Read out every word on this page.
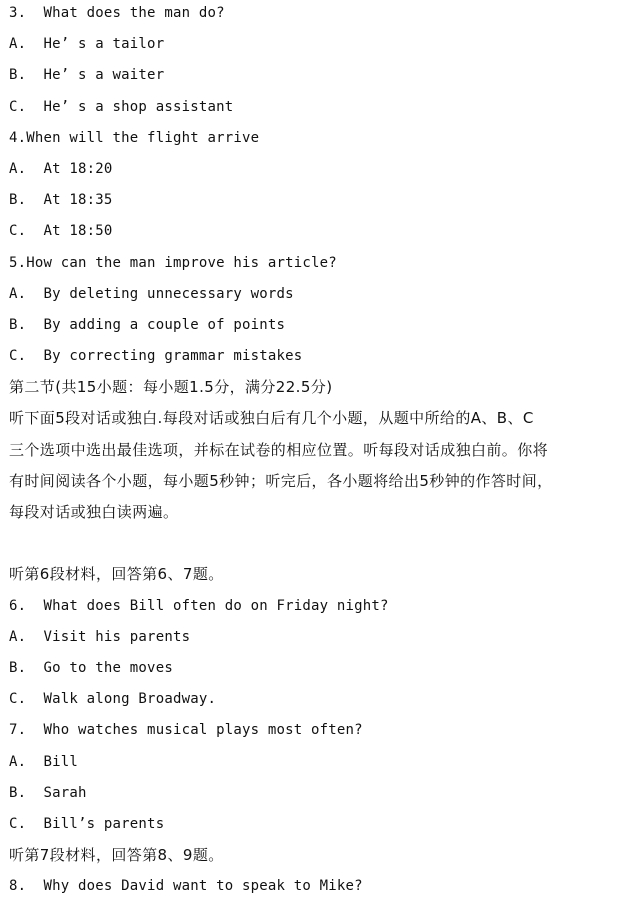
3.  What does the man do?
A.  He’ s a tailor
B.  He’ s a waiter
C.  He’ s a shop assistant
4.When will the flight arrive
A.  At 18:20
B.  At 18:35
C.  At 18:50
5.How can the man improve his article?
A.  By deleting unnecessary words
B.  By adding a couple of points
C.  By correcting grammar mistakes
第二节(共15小题：每小题1.5分，满分22.5分)
听下面5段对话或独白.每段对话或独白后有几个小题，从题中所给的A、B、C
三个选项中选出最佳选项，并标在试卷的相应位置。听每段对话成独白前。你将
有时间阅读各个小题，每小题5秒钟；听完后，各小题将给出5秒钟的作答时间，
每段对话或独白读两遍。
听第6段材料，回答第6、7题。
6.  What does Bill often do on Friday night?
A.  Visit his parents
B.  Go to the moves
C.  Walk along Broadway.
7.  Who watches musical plays most often?
A.  Bill
B.  Sarah
C.  Bill’s parents
听第7段材料，回答第8、9题。
8.  Why does David want to speak to Mike?
